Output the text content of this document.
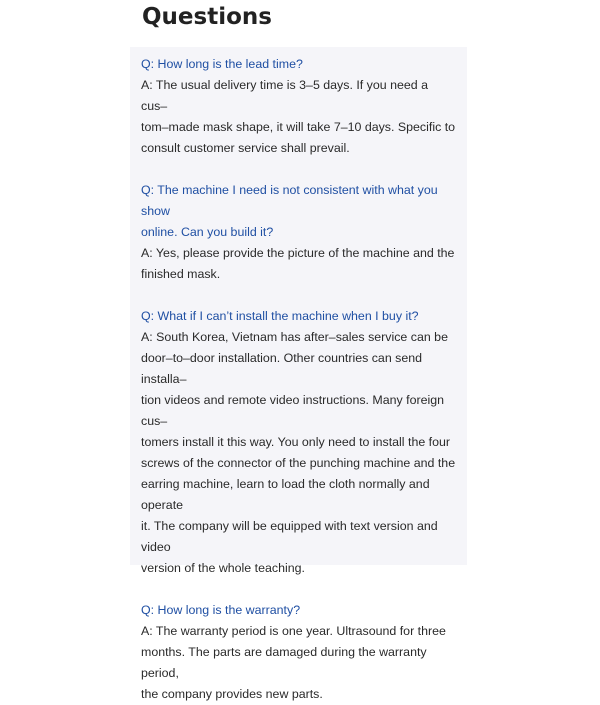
Questions

Q: How long is the lead time?

A: The usual delivery time is 3–5 days. If you need a cus–

tom–made mask shape, it will take 7–10 days. Specific to

consult customer service shall prevail.

Q: The machine I need is not consistent with what you show

online. Can you build it?

A: Yes, please provide the picture of the machine and the

finished mask.

Q: What if I can’t install the machine when I buy it?

A: South Korea, Vietnam has after–sales service can be

door–to–door installation. Other countries can send installa–

tion videos and remote video instructions. Many foreign cus–

tomers install it this way. You only need to install the four

screws of the connector of the punching machine and the

earring machine, learn to load the cloth normally and operate

it. The company will be equipped with text version and video

version of the whole teaching.

Q: How long is the warranty?

A: The warranty period is one year. Ultrasound for three

months. The parts are damaged during the warranty period,

the company provides new parts.
